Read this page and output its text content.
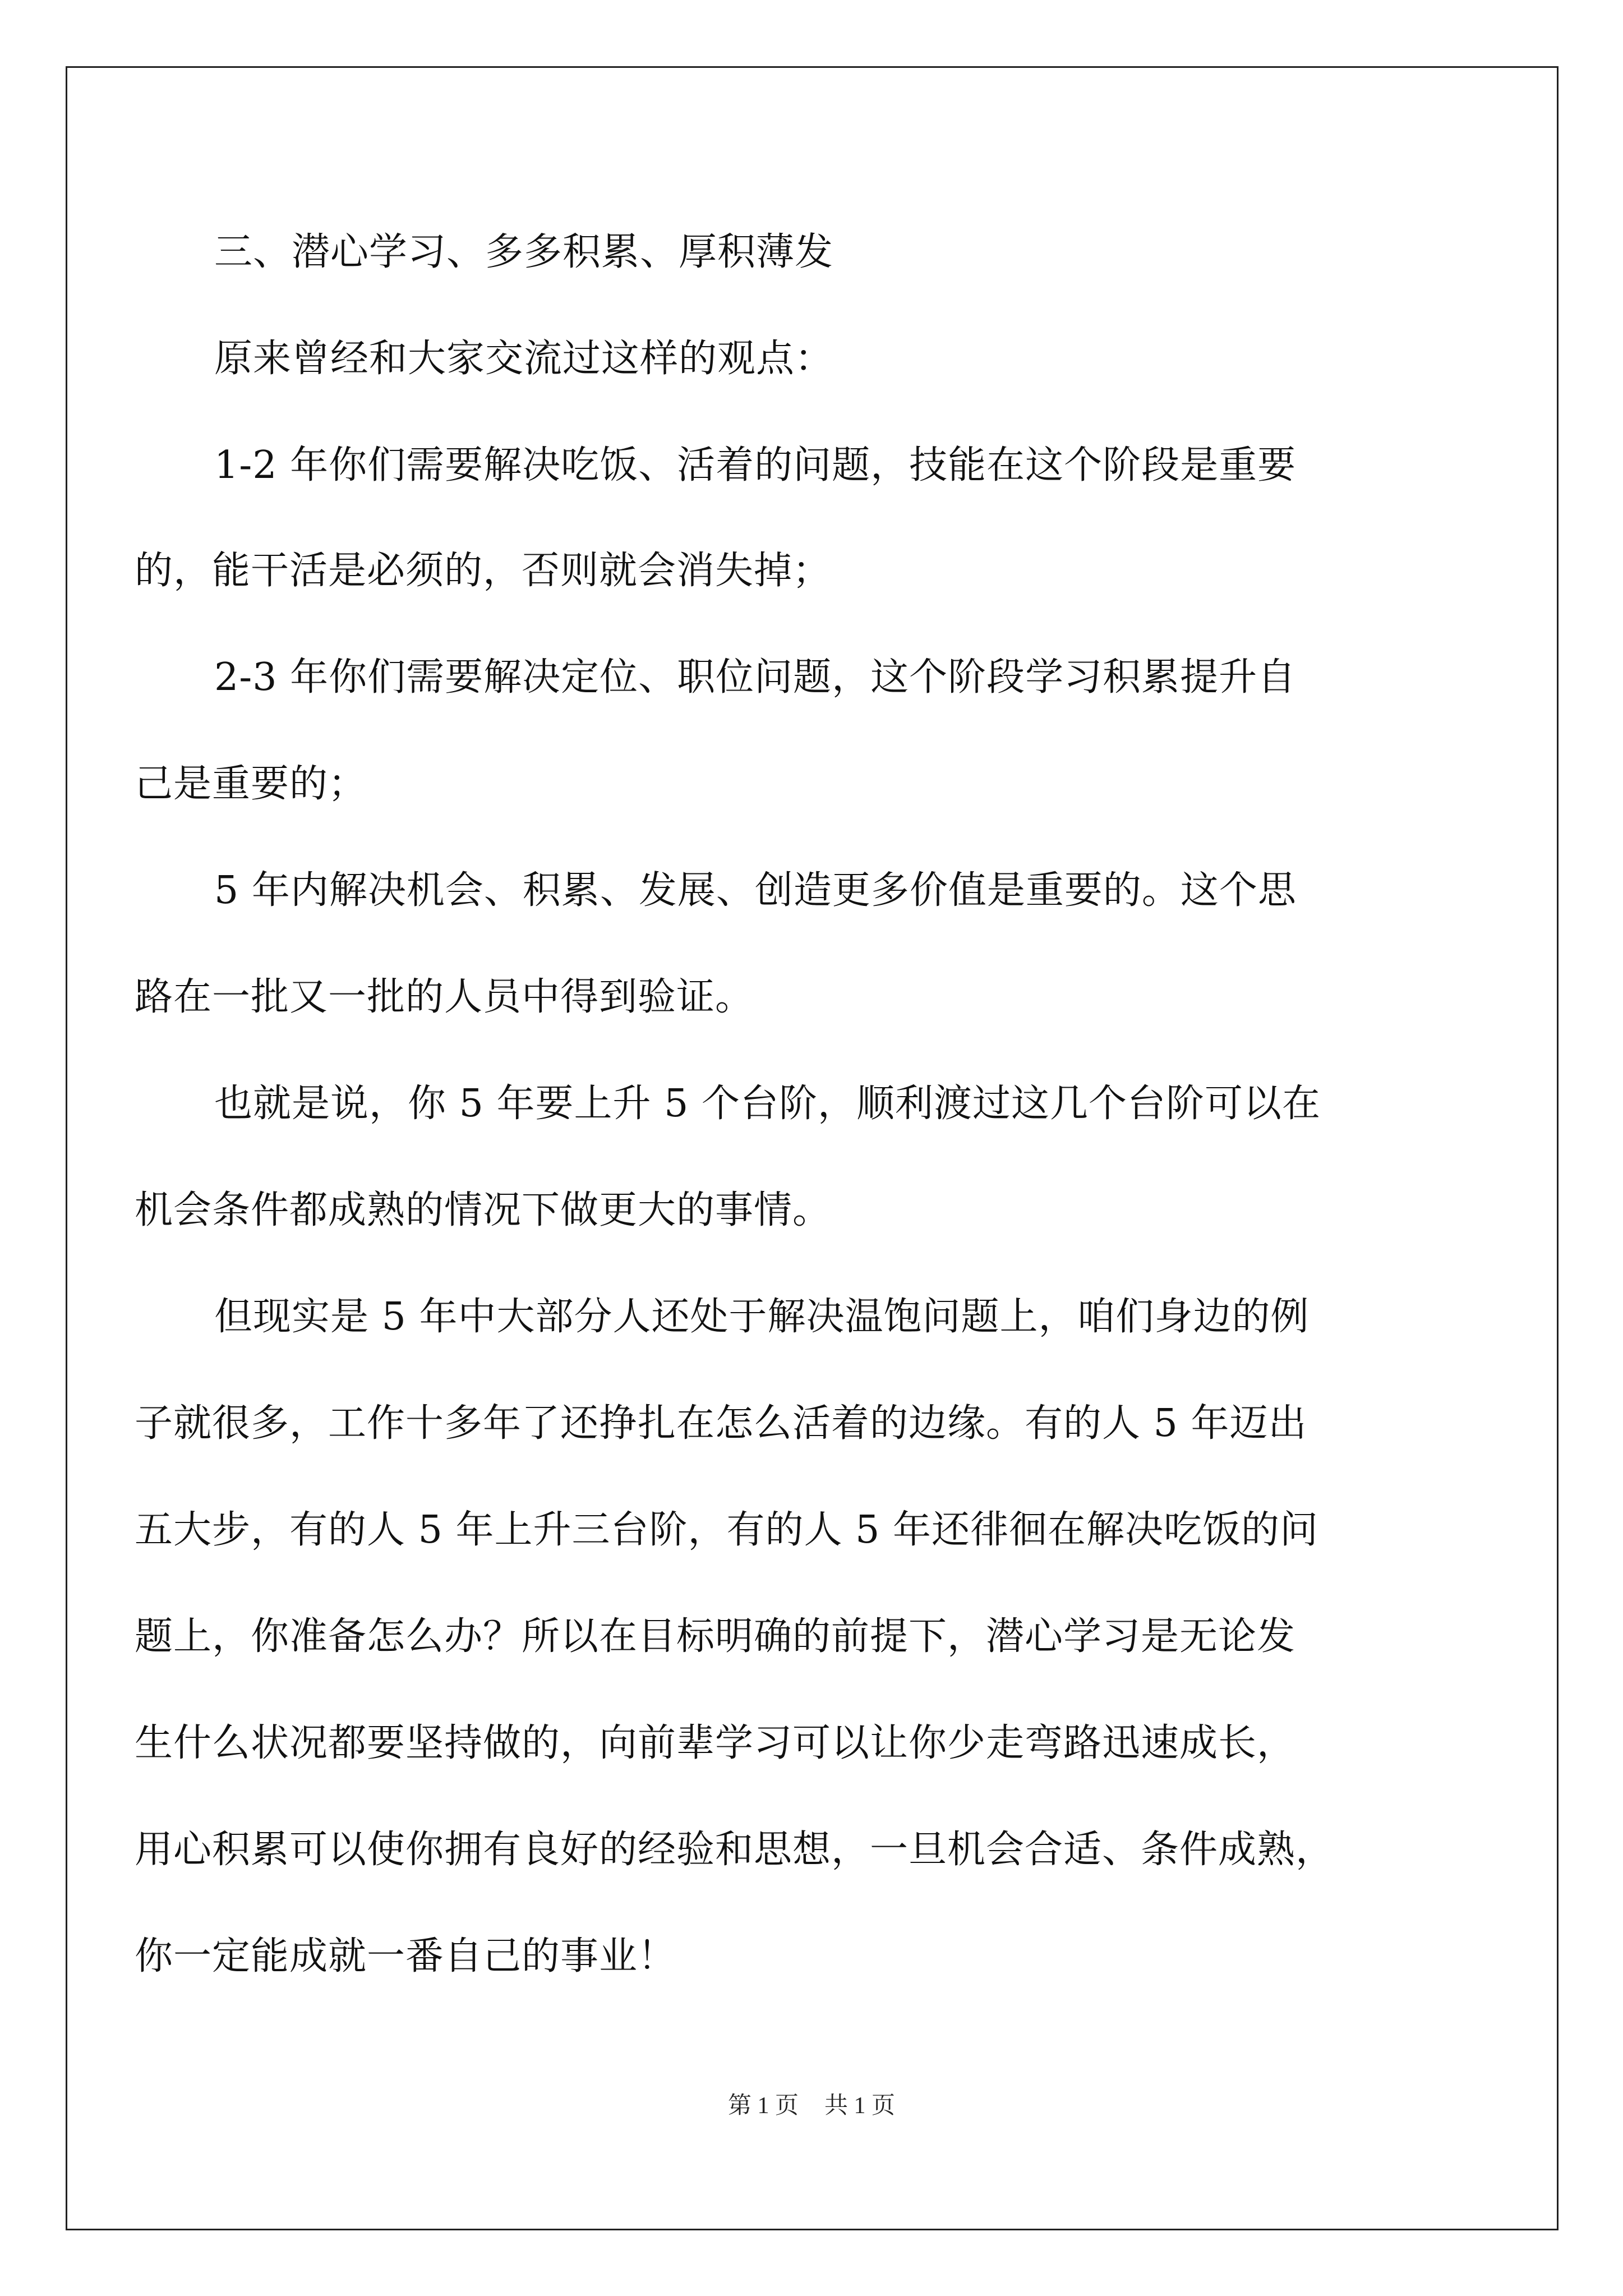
三、潜心学习、多多积累、厚积薄发
原来曾经和大家交流过这样的观点：
1-2 年你们需要解决吃饭、活着的问题，技能在这个阶段是重要
的，能干活是必须的，否则就会消失掉；
2-3 年你们需要解决定位、职位问题，这个阶段学习积累提升自
己是重要的；
5 年内解决机会、积累、发展、创造更多价值是重要的。这个思
路在一批又一批的人员中得到验证。
也就是说，你 5 年要上升 5 个台阶，顺利渡过这几个台阶可以在
机会条件都成熟的情况下做更大的事情。
但现实是 5 年中大部分人还处于解决温饱问题上，咱们身边的例
子就很多，工作十多年了还挣扎在怎么活着的边缘。有的人 5 年迈出
五大步，有的人 5 年上升三台阶，有的人 5 年还徘徊在解决吃饭的问
题上，你准备怎么办？所以在目标明确的前提下，潜心学习是无论发
生什么状况都要坚持做的，向前辈学习可以让你少走弯路迅速成长，
用心积累可以使你拥有良好的经验和思想，一旦机会合适、条件成熟，
你一定能成就一番自己的事业！
第 1 页 共 1 页
